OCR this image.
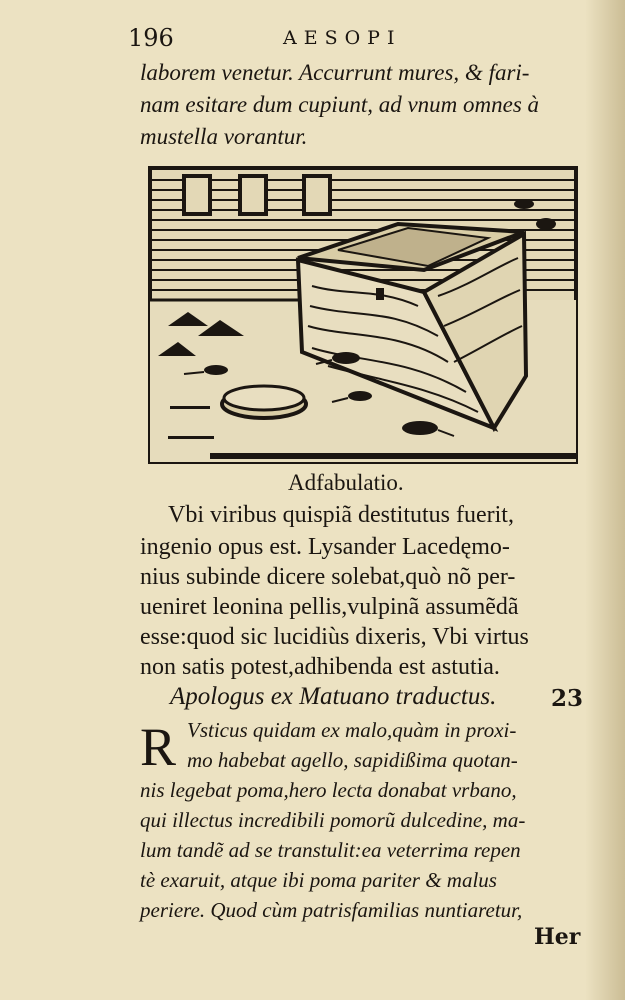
196	AESOPI
laborem venetur. Accurrunt mures, & fari-
nam esitare dum cupiunt, ad vnum omnes à
mustella vorantur.
Adfabulatio.
Vbi viribus quispiã destitutus fuerit,
ingenio opus est. Lysander Lacedęmo-
nius subinde dicere solebat,quò nõ per-
ueniret leonina pellis,vulpinã assumẽdã
esse:quod sic lucidiùs dixeris, Vbi virtus
non satis potest,adhibenda est astutia.
Apologus ex Matuano traductus. 23
R Vsticus quidam ex malo,quàm in proxi-
mo habebat agello, sapidißima quotan-
nis legebat poma,hero lecta donabat vrbano,
qui illectus incredibili pomorũ dulcedine, ma-
lum tandẽ ad se transtulit:ea veterrima repen
tè exaruit, atque ibi poma pariter & malus
periere. Quod cùm patrisfamilias nuntiaretur,
Her
